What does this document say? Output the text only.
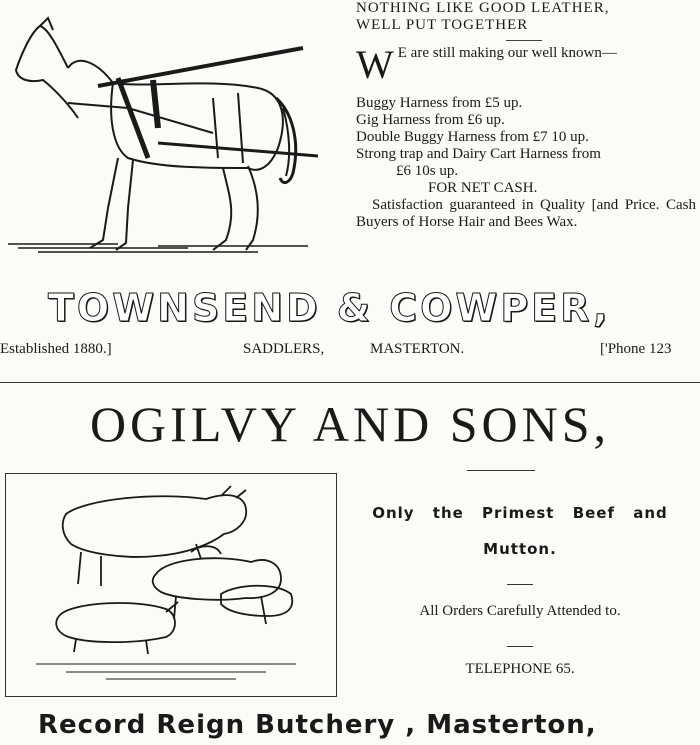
NOTHING LIKE GOOD LEATHER,
WELL PUT TOGETHER
W E are still making our well known—
Buggy Harness from £5 up.
Gig Harness from £6 up.
Double Buggy Harness from £7 10 up.
Strong trap and Dairy Cart Harness from
£6 10s up.
FOR NET CASH.
Satisfaction guaranteed in Quality [and Price. Cash Buyers of Horse Hair and Bees Wax.
TOWNSEND & COWPER,
Established 1880.]	SADDLERS,	MASTERTON.	['Phone 123
OGILVY AND SONS,
Only the Primest Beef and
Mutton.
All Orders Carefully Attended to.
TELEPHONE 65.
Record Reign Butchery , Masterton,
